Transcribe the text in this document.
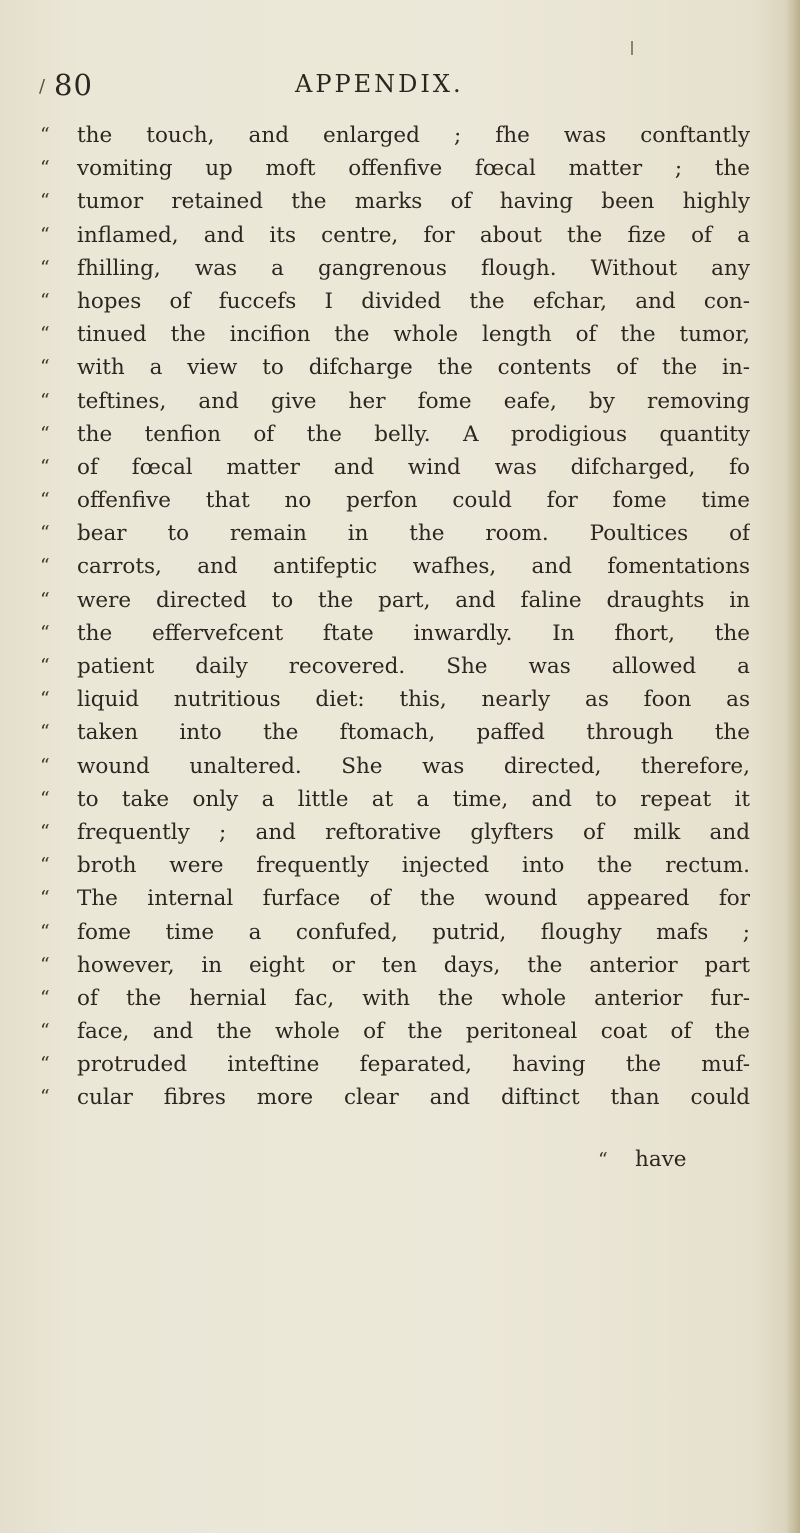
/ 80	APPENDIX.
“	the touch, and enlarged ; fhe was conftantly
“	vomiting up moft offenfive fœcal matter ; the
“	tumor retained the marks of having been highly
“	inflamed, and its centre, for about the fize of a
“	fhilling, was a gangrenous flough. Without any
“	hopes of fuccefs I divided the efchar, and con-
“	tinued the incifion the whole length of the tumor,
“	with a view to difcharge the contents of the in-
“	teftines, and give her fome eafe, by removing
“	the tenfion of the belly. A prodigious quantity
“	of fœcal matter and wind was difcharged, fo
“	offenfive that no perfon could for fome time
“	bear to remain in the room. Poultices of
“	carrots, and antifeptic wafhes, and fomentations
“	were directed to the part, and faline draughts in
“	the effervefcent ftate inwardly. In fhort, the
“	patient daily recovered. She was allowed a
“	liquid nutritious diet: this, nearly as foon as
“	taken into the ftomach, paffed through the
“	wound unaltered. She was directed, therefore,
“	to take only a little at a time, and to repeat it
“	frequently ; and reftorative glyfters of milk and
“	broth were frequently injected into the rectum.
“	The internal furface of the wound appeared for
“	fome time a confufed, putrid, floughy mafs ;
“	however, in eight or ten days, the anterior part
“	of the hernial fac, with the whole anterior fur-
“	face, and the whole of the peritoneal coat of the
“	protruded inteftine feparated, having the muf-
“	cular fibres more clear and diftinct than could
“ have
